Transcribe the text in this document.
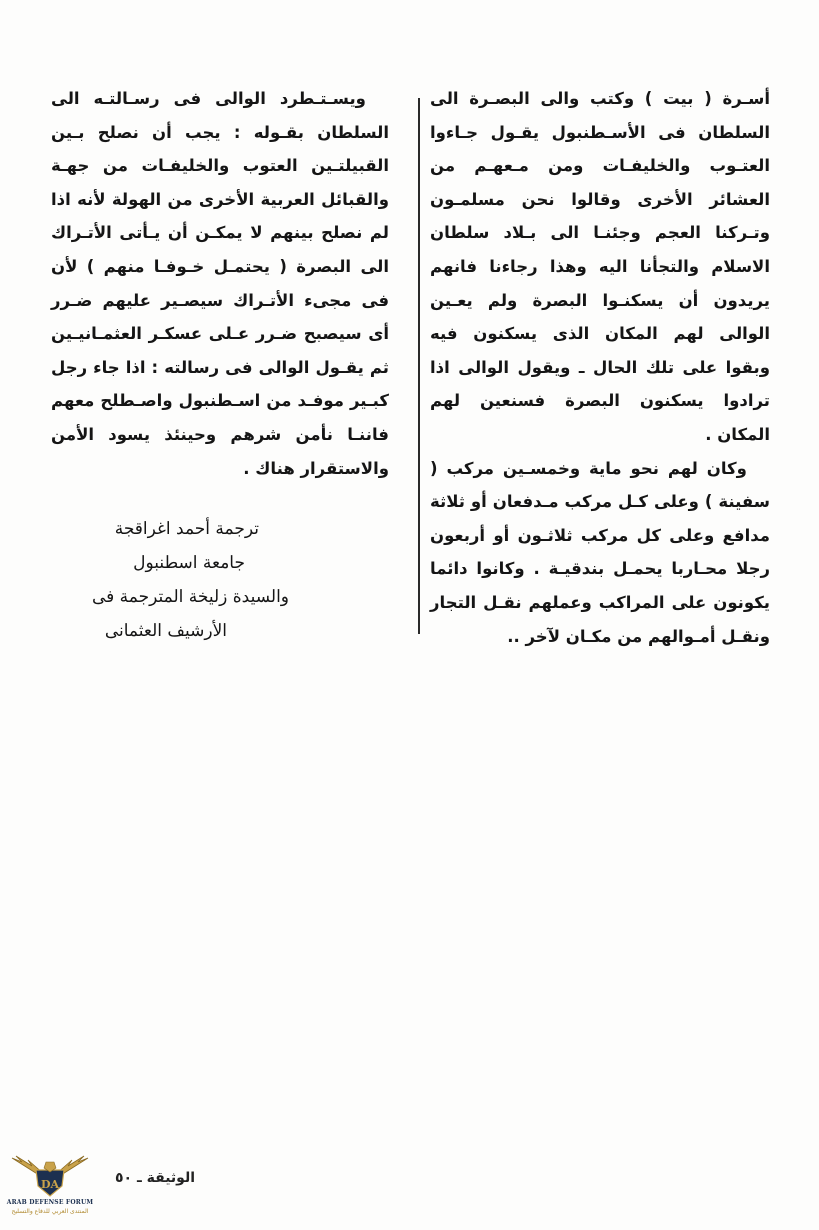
أسـرة ( بيت ) وكتب والى البصـرة الى السلطان فى الأسـطنبول يقـول جـاءوا العتـوب والخليفـات ومن مـعهـم من العشائر الأخرى وقالوا نحن مسلمـون وتـركنا العجم وجئنـا الى بـلاد سلطان الاسلام والتجأنا اليه وهذا رجاءنا فانهم يريدون أن يسكنـوا البصرة ولم يعـين الوالى لهم المكان الذى يسكنون فيه وبقوا على تلك الحال ـ ويقول الوالى اذا ترادوا يسكنون البصرة فسنعين لهم المكان .

وكان لهم نحو ماية وخمسـين مركب ( سفينة ) وعلى كـل مركب مـدفعان أو ثلاثة مدافع وعلى كل مركب ثلاثـون أو أربعون رجلا محـاربا يحمـل بندقيـة . وكانوا دائما يكونون على المراكب وعملهم نقـل التجار ونقـل أمـوالهم من مكـان لآخر ..

ويسـتـطرد الوالى فى رسـالتـه الى السلطان بقـوله : يجب أن نصلح بـين القبيلتـين العتوب والخليفـات من جهـة والقبائل العربية الأخرى من الهولة لأنه اذا لم نصلح بينهم لا يمكـن أن يـأتى الأتـراك الى البصرة ( يحتمـل خـوفـا منهم ) لأن فى مجىء الأتـراك سيصـير عليهم ضـرر أى سيصبح ضـرر عـلى عسكـر العثمـانيـين ثم يقـول الوالى فى رسالته : اذا جاء رجل كبـير موفـد من اسـطنبول واصـطلح معهم فاننـا نأمن شرهم وحينئذ يسود الأمن والاستقرار هناك .

ترجمة أحمد اغراقجة
جامعة اسطنبول
والسيدة زليخة المترجمة فى
الأرشيف العثمانى
الوثيقة ـ ٥٠
DA
ARAB DEFENSE FORUM
المنتدى العربي للدفاع والتسليح
